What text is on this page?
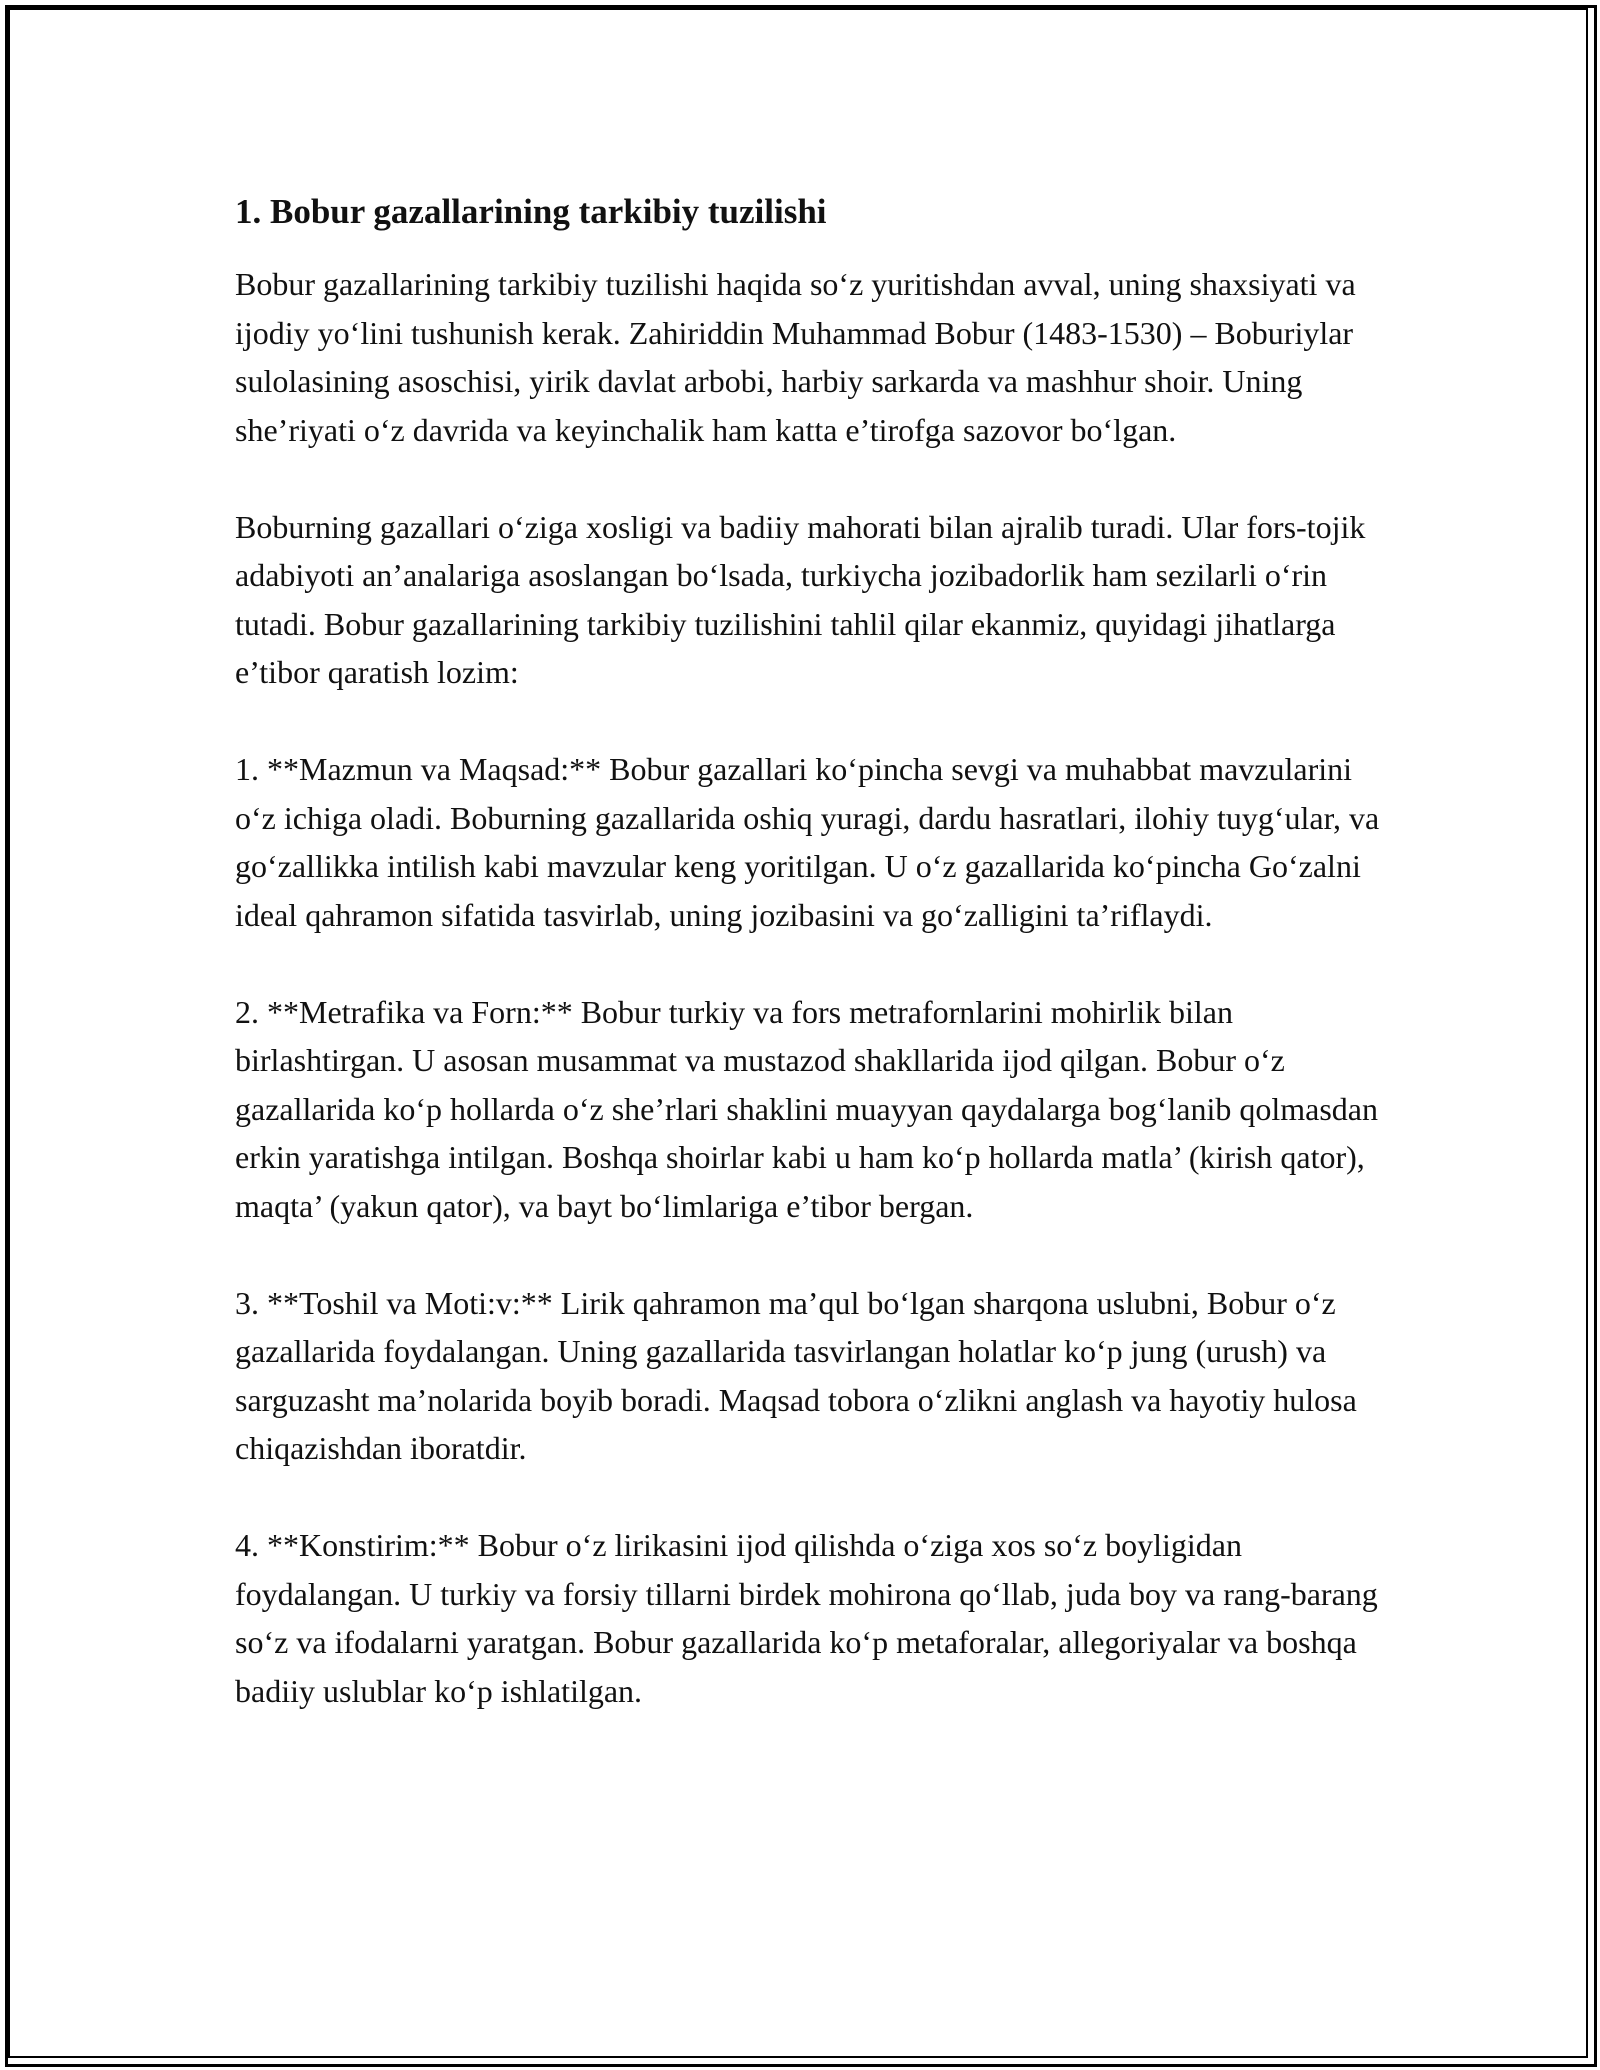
1. Bobur gazallarining tarkibiy tuzilishi

Bobur gazallarining tarkibiy tuzilishi haqida so‘z yuritishdan avval, uning shaxsiyati va ijodiy yo‘lini tushunish kerak. Zahiriddin Muhammad Bobur (1483-1530) – Boburiylar sulolasining asoschisi, yirik davlat arbobi, harbiy sarkarda va mashhur shoir. Uning she’riyati o‘z davrida va keyinchalik ham katta e’tirofga sazovor bo‘lgan.

Boburning gazallari o‘ziga xosligi va badiiy mahorati bilan ajralib turadi. Ular fors-tojik adabiyoti an’analariga asoslangan bo‘lsada, turkiycha jozibadorlik ham sezilarli o‘rin tutadi. Bobur gazallarining tarkibiy tuzilishini tahlil qilar ekanmiz, quyidagi jihatlarga e’tibor qaratish lozim:

1. **Mazmun va Maqsad:** Bobur gazallari ko‘pincha sevgi va muhabbat mavzularini o‘z ichiga oladi. Boburning gazallarida oshiq yuragi, dardu hasratlari, ilohiy tuyg‘ular, va go‘zallikka intilish kabi mavzular keng yoritilgan. U o‘z gazallarida ko‘pincha Go‘zalni ideal qahramon sifatida tasvirlab, uning jozibasini va go‘zalligini ta’riflaydi.

2. **Metrafika va Forn:** Bobur turkiy va fors metrafornlarini mohirlik bilan birlashtirgan. U asosan musammat va mustazod shakllarida ijod qilgan. Bobur o‘z gazallarida ko‘p hollarda o‘z she’rlari shaklini muayyan qaydalarga bog‘lanib qolmasdan erkin yaratishga intilgan. Boshqa shoirlar kabi u ham ko‘p hollarda matla’ (kirish qator), maqta’ (yakun qator), va bayt bo‘limlariga e’tibor bergan.

3. **Toshil va Moti:v:** Lirik qahramon ma’qul bo‘lgan sharqona uslubni, Bobur o‘z gazallarida foydalangan. Uning gazallarida tasvirlangan holatlar ko‘p jung (urush) va sarguzasht ma’nolarida boyib boradi. Maqsad tobora o‘zlikni anglash va hayotiy hulosa chiqazishdan iboratdir.

4. **Konstirim:** Bobur o‘z lirikasini ijod qilishda o‘ziga xos so‘z boyligidan foydalangan. U turkiy va forsiy tillarni birdek mohirona qo‘llab, juda boy va rang-barang so‘z va ifodalarni yaratgan. Bobur gazallarida ko‘p metaforalar, allegoriyalar va boshqa badiiy uslublar ko‘p ishlatilgan.
